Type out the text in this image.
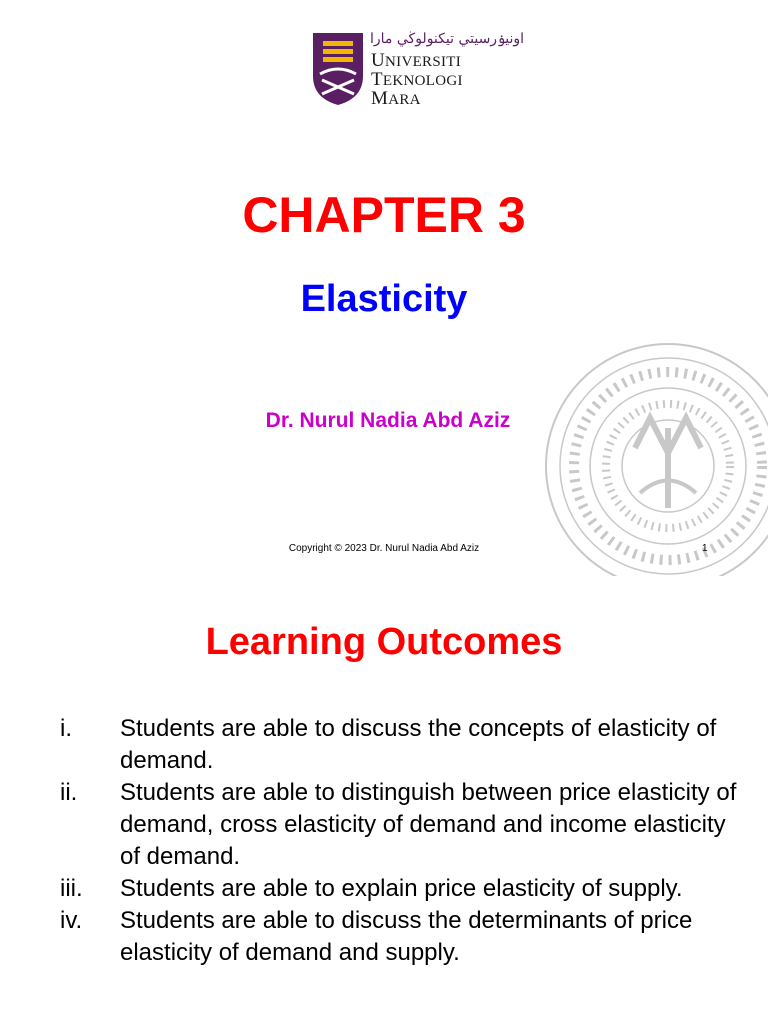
اونيۏرسيتي تيکنولوڬي مارا
UNIVERSITI
TEKNOLOGI
MARA
CHAPTER 3
Elasticity
Dr. Nurul Nadia Abd Aziz
Copyright © 2023 Dr. Nurul Nadia Abd Aziz	1
Learning Outcomes
i.	Students are able to discuss the concepts of elasticity of demand.
ii.	Students are able to distinguish between price elasticity of demand, cross elasticity of demand and income elasticity of demand.
iii.	Students are able to explain price elasticity of supply.
iv.	Students are able to discuss the determinants of price elasticity of demand and supply.
